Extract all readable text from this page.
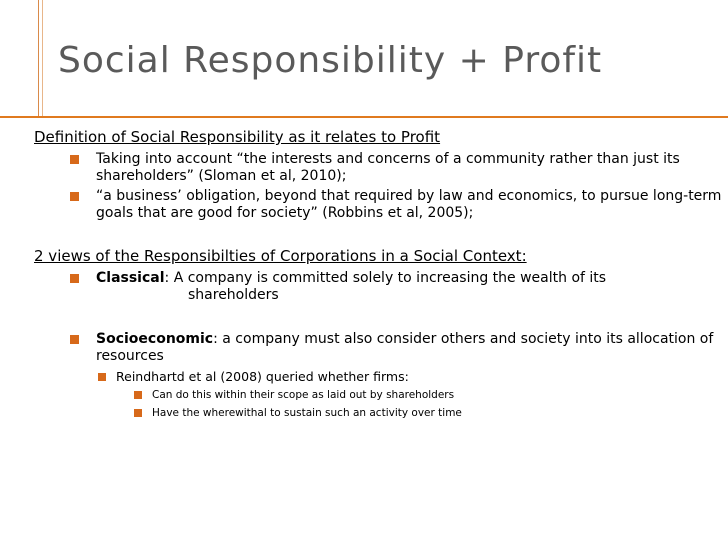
Social Responsibility + Profit
Definition of Social Responsibility as it relates to Profit
Taking into account “the interests and concerns of a community rather than just its shareholders” (Sloman et al, 2010);
“a business’ obligation, beyond that required by law and economics, to pursue long-term goals that are good for society” (Robbins et al, 2005);
2 views of the Responsibilties of Corporations in a Social Context:
Classical: A company is committed solely to increasing the wealth of its
shareholders
Socioeconomic: a company must also consider others and society into its allocation of resources
Reindhartd et al (2008) queried whether firms:
Can do this within their scope as laid out by shareholders
Have the wherewithal to sustain such an activity over time
